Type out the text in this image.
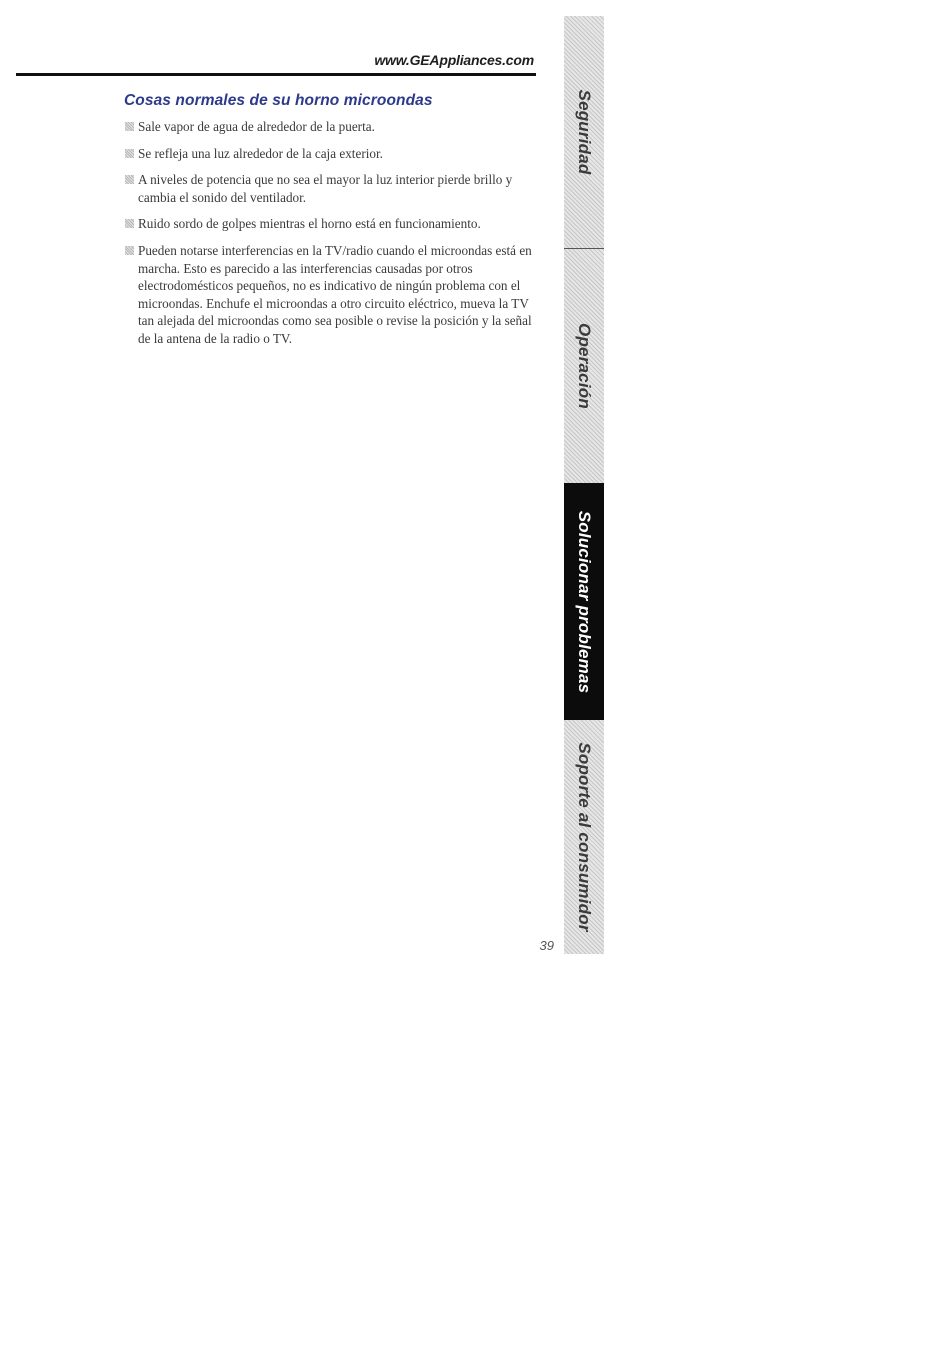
www.GEAppliances.com
Cosas normales de su horno microondas
Sale vapor de agua de alrededor de la puerta.
Se refleja una luz alrededor de la caja exterior.
A niveles de potencia que no sea el mayor la luz interior pierde brillo y cambia el sonido del ventilador.
Ruido sordo de golpes mientras el horno está en funcionamiento.
Pueden notarse interferencias en la TV/radio cuando el microondas está en marcha. Esto es parecido a las interferencias causadas por otros electrodomésticos pequeños, no es indicativo de ningún problema con el microondas. Enchufe el microondas a otro circuito eléctrico, mueva la TV tan alejada del microondas como sea posible o revise la posición y la señal de la antena de la radio o TV.
Seguridad
Operación
Solucionar problemas
Soporte al consumidor
39
